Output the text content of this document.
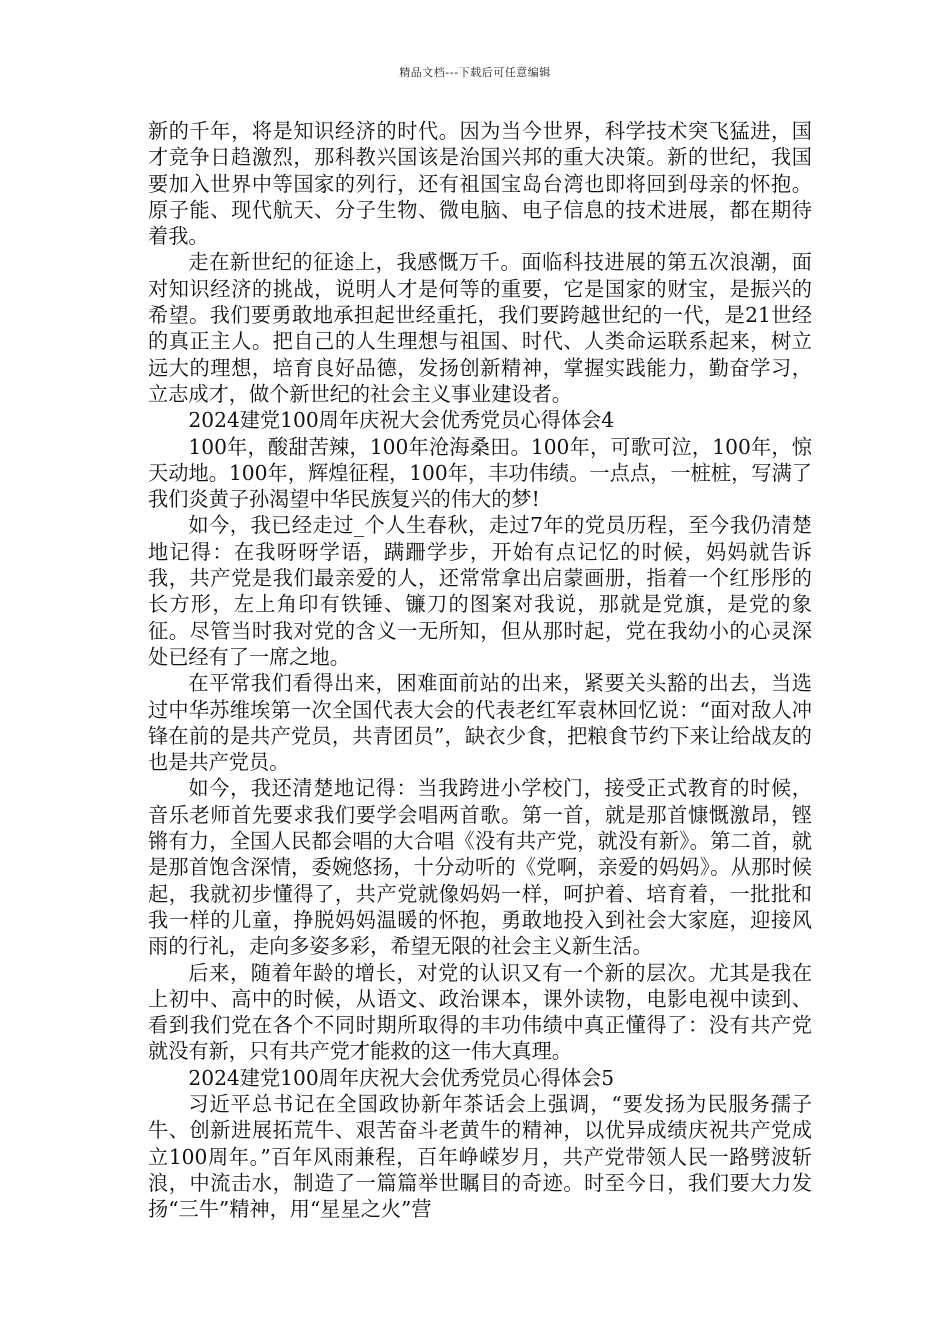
精品文档---下载后可任意编辑

新的千年，将是知识经济的时代。因为当今世界，科学技术突飞猛进，国才竞争日趋激烈，那科教兴国该是治国兴邦的重大决策。新的世纪，我国要加入世界中等国家的列行，还有祖国宝岛台湾也即将回到母亲的怀抱。原子能、现代航天、分子生物、微电脑、电子信息的技术进展，都在期待着我。

走在新世纪的征途上，我感慨万千。面临科技进展的第五次浪潮，面对知识经济的挑战，说明人才是何等的重要，它是国家的财宝，是振兴的希望。我们要勇敢地承担起世经重托，我们要跨越世纪的一代，是21世经的真正主人。把自己的人生理想与祖国、时代、人类命运联系起来，树立远大的理想，培育良好品德，发扬创新精神，掌握实践能力，勤奋学习，立志成才，做个新世纪的社会主义事业建设者。

2024建党100周年庆祝大会优秀党员心得体会4

100年，酸甜苦辣，100年沧海桑田。100年，可歌可泣，100年，惊天动地。100年，辉煌征程，100年，丰功伟绩。一点点，一桩桩，写满了我们炎黄子孙渴望中华民族复兴的伟大的梦!

如今，我已经走过_个人生春秋，走过7年的党员历程，至今我仍清楚地记得：在我呀呀学语，蹒跚学步，开始有点记忆的时候，妈妈就告诉我，共产党是我们最亲爱的人，还常常拿出启蒙画册，指着一个红彤彤的长方形，左上角印有铁锤、镰刀的图案对我说，那就是党旗，是党的象征。尽管当时我对党的含义一无所知，但从那时起，党在我幼小的心灵深处已经有了一席之地。

在平常我们看得出来，困难面前站的出来，紧要关头豁的出去，当选过中华苏维埃第一次全国代表大会的代表老红军袁林回忆说：“面对敌人冲锋在前的是共产党员，共青团员”，缺衣少食，把粮食节约下来让给战友的也是共产党员。

如今，我还清楚地记得：当我跨进小学校门，接受正式教育的时候，音乐老师首先要求我们要学会唱两首歌。第一首，就是那首慷慨激昂，铿锵有力，全国人民都会唱的大合唱《没有共产党，就没有新》。第二首，就是那首饱含深情，委婉悠扬，十分动听的《党啊，亲爱的妈妈》。从那时候起，我就初步懂得了，共产党就像妈妈一样，呵护着、培育着，一批批和我一样的儿童，挣脱妈妈温暖的怀抱，勇敢地投入到社会大家庭，迎接风雨的行礼，走向多姿多彩，希望无限的社会主义新生活。

后来，随着年龄的增长，对党的认识又有一个新的层次。尤其是我在上初中、高中的时候，从语文、政治课本，课外读物，电影电视中读到、看到我们党在各个不同时期所取得的丰功伟绩中真正懂得了：没有共产党就没有新，只有共产党才能救的这一伟大真理。

2024建党100周年庆祝大会优秀党员心得体会5

习近平总书记在全国政协新年茶话会上强调，“要发扬为民服务孺子牛、创新进展拓荒牛、艰苦奋斗老黄牛的精神，以优异成绩庆祝共产党成立100周年。”百年风雨兼程，百年峥嵘岁月，共产党带领人民一路劈波斩浪，中流击水，制造了一篇篇举世瞩目的奇迹。时至今日，我们要大力发扬“三牛”精神，用“星星之火”营
